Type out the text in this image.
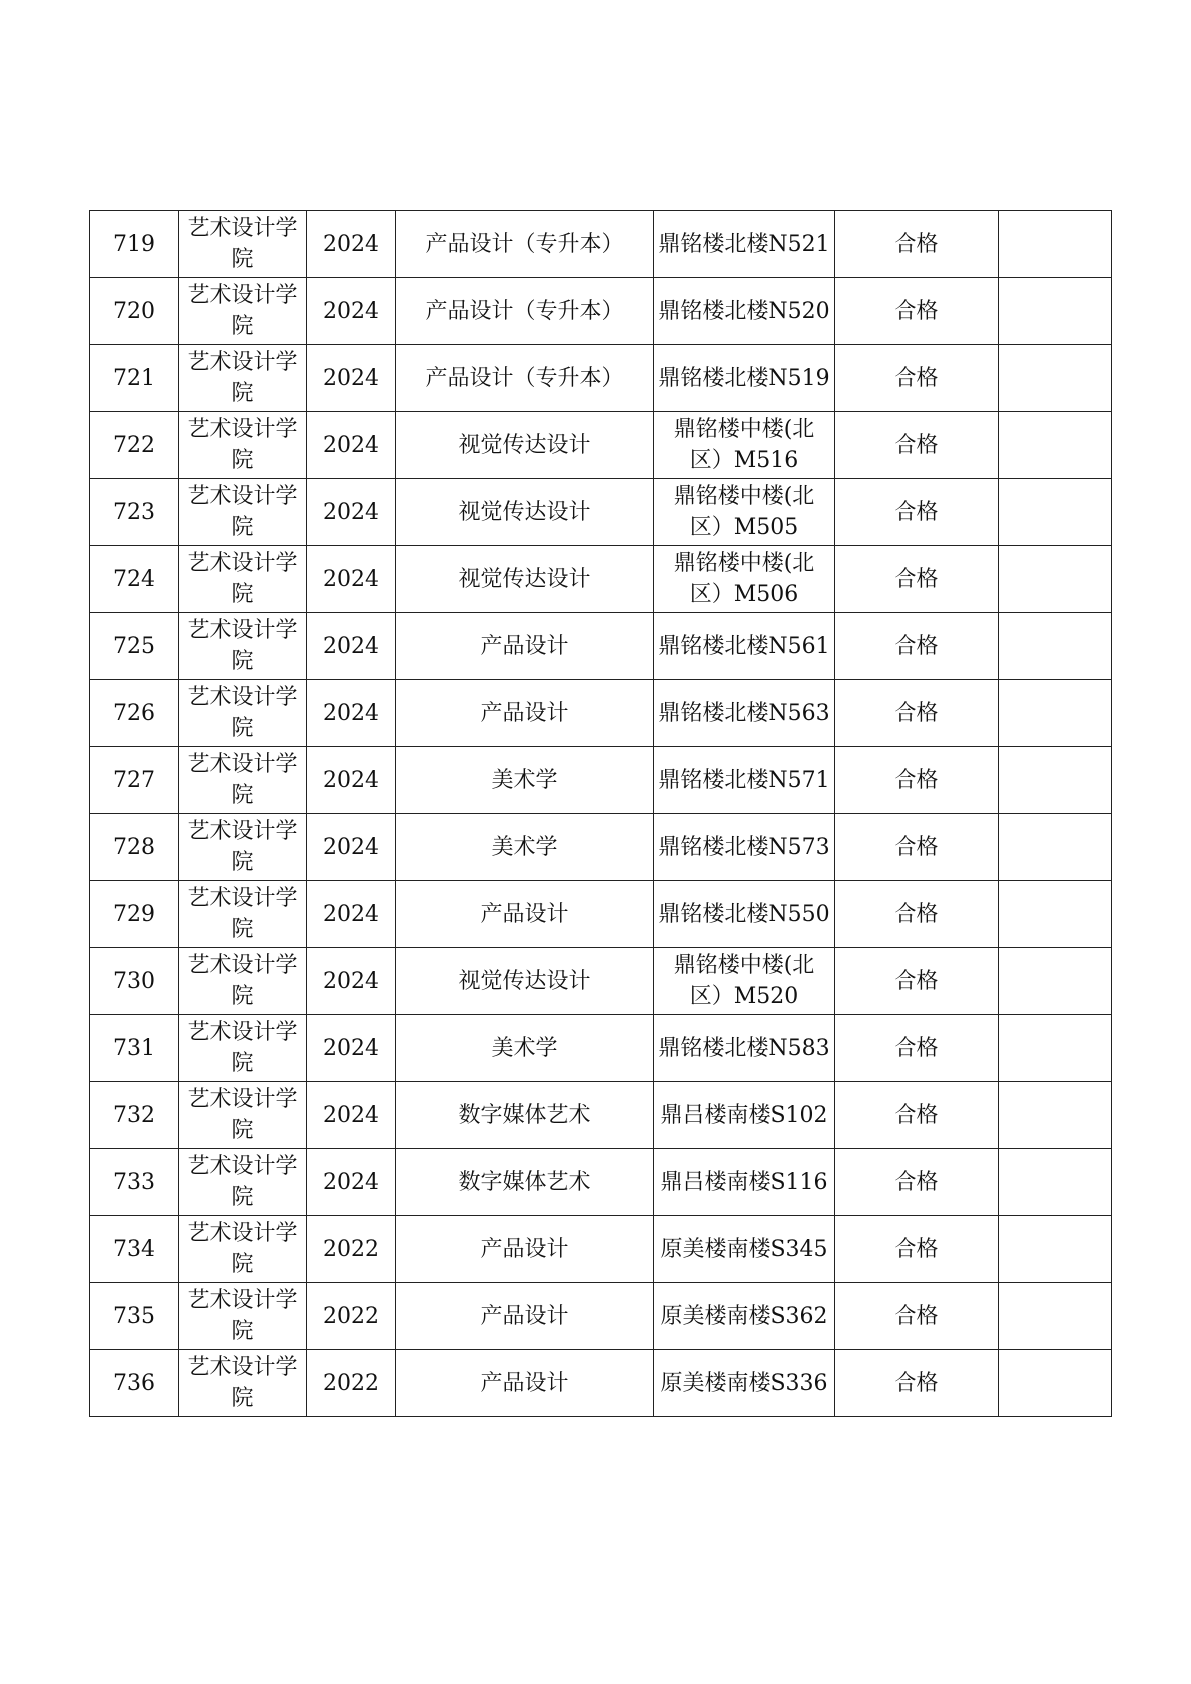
719	艺术设计学院	2024	产品设计（专升本）	鼎铭楼北楼N521	合格	

720	艺术设计学院	2024	产品设计（专升本）	鼎铭楼北楼N520	合格	

721	艺术设计学院	2024	产品设计（专升本）	鼎铭楼北楼N519	合格	

722	艺术设计学院	2024	视觉传达设计	鼎铭楼中楼(北区）M516	合格	

723	艺术设计学院	2024	视觉传达设计	鼎铭楼中楼(北区）M505	合格	

724	艺术设计学院	2024	视觉传达设计	鼎铭楼中楼(北区）M506	合格	

725	艺术设计学院	2024	产品设计	鼎铭楼北楼N561	合格	

726	艺术设计学院	2024	产品设计	鼎铭楼北楼N563	合格	

727	艺术设计学院	2024	美术学	鼎铭楼北楼N571	合格	

728	艺术设计学院	2024	美术学	鼎铭楼北楼N573	合格	

729	艺术设计学院	2024	产品设计	鼎铭楼北楼N550	合格	

730	艺术设计学院	2024	视觉传达设计	鼎铭楼中楼(北区）M520	合格	

731	艺术设计学院	2024	美术学	鼎铭楼北楼N583	合格	

732	艺术设计学院	2024	数字媒体艺术	鼎吕楼南楼S102	合格	

733	艺术设计学院	2024	数字媒体艺术	鼎吕楼南楼S116	合格	

734	艺术设计学院	2022	产品设计	原美楼南楼S345	合格	

735	艺术设计学院	2022	产品设计	原美楼南楼S362	合格	

736	艺术设计学院	2022	产品设计	原美楼南楼S336	合格	
